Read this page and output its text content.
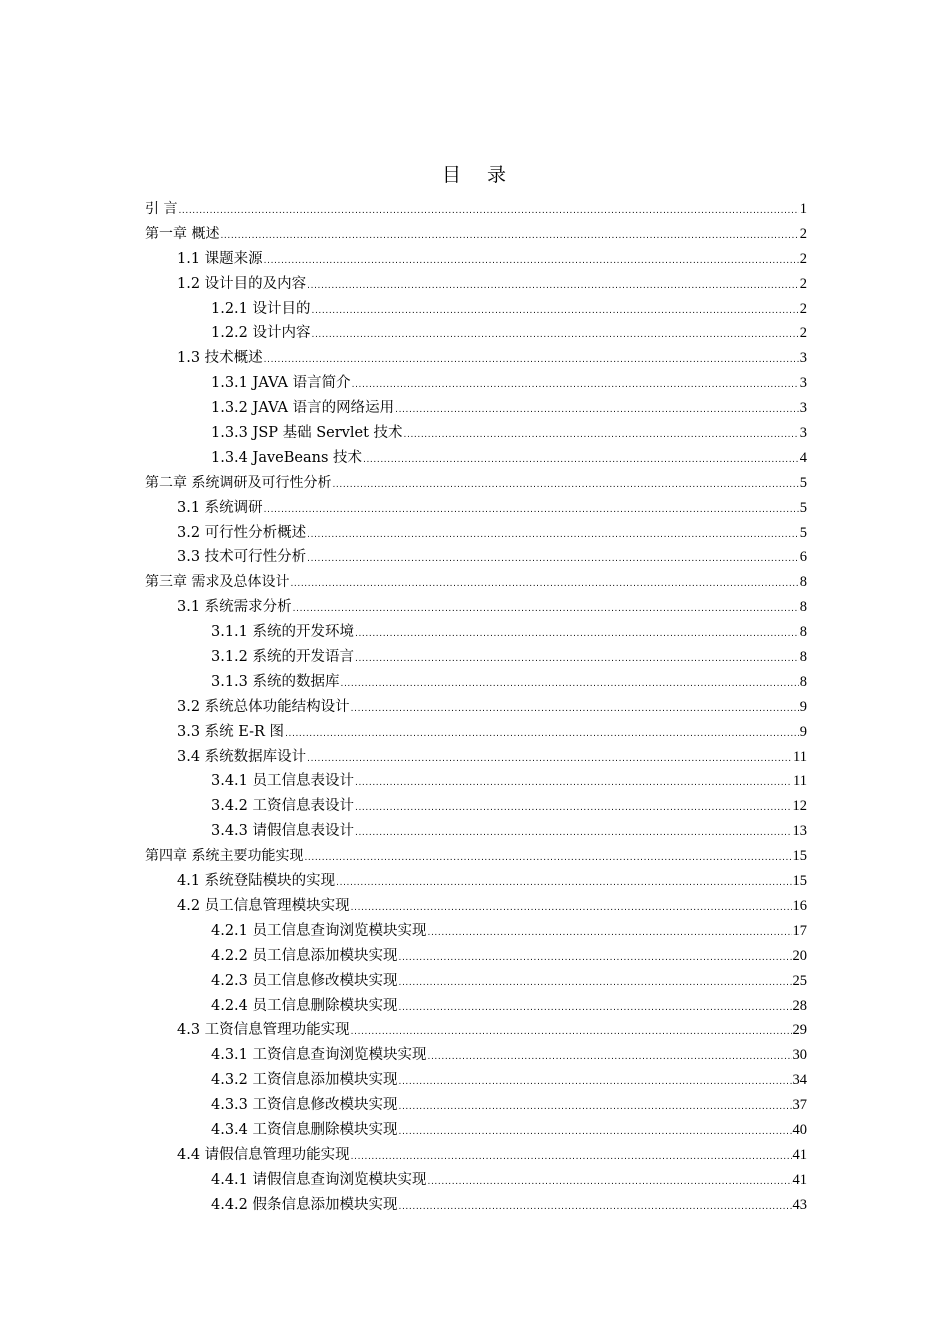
目 录
引 言 .....	1
第一章 概述 .....	2
1.1 课题来源 .....	2
1.2 设计目的及内容 .....	2
1.2.1 设计目的 .....	2
1.2.2 设计内容 .....	2
1.3 技术概述 .....	3
1.3.1 JAVA 语言简介 .....	3
1.3.2 JAVA 语言的网络运用 .....	3
1.3.3 JSP 基础 Servlet 技术 .....	3
1.3.4 JaveBeans 技术 .....	4
第二章 系统调研及可行性分析 .....	5
3.1 系统调研 .....	5
3.2 可行性分析概述 .....	5
3.3 技术可行性分析 .....	6
第三章 需求及总体设计 .....	8
3.1 系统需求分析 .....	8
3.1.1 系统的开发环境 .....	8
3.1.2 系统的开发语言 .....	8
3.1.3 系统的数据库 .....	8
3.2 系统总体功能结构设计 .....	9
3.3 系统 E-R 图 .....	9
3.4 系统数据库设计 .....	11
3.4.1 员工信息表设计 .....	11
3.4.2 工资信息表设计 .....	12
3.4.3 请假信息表设计 .....	13
第四章 系统主要功能实现 .....	15
4.1 系统登陆模块的实现 .....	15
4.2 员工信息管理模块实现 .....	16
4.2.1 员工信息查询浏览模块实现 .....	17
4.2.2 员工信息添加模块实现 .....	20
4.2.3 员工信息修改模块实现 .....	25
4.2.4 员工信息删除模块实现 .....	28
4.3 工资信息管理功能实现 .....	29
4.3.1 工资信息查询浏览模块实现 .....	30
4.3.2 工资信息添加模块实现 .....	34
4.3.3 工资信息修改模块实现 .....	37
4.3.4 工资信息删除模块实现 .....	40
4.4 请假信息管理功能实现 .....	41
4.4.1 请假信息查询浏览模块实现 .....	41
4.4.2 假条信息添加模块实现 .....	43
